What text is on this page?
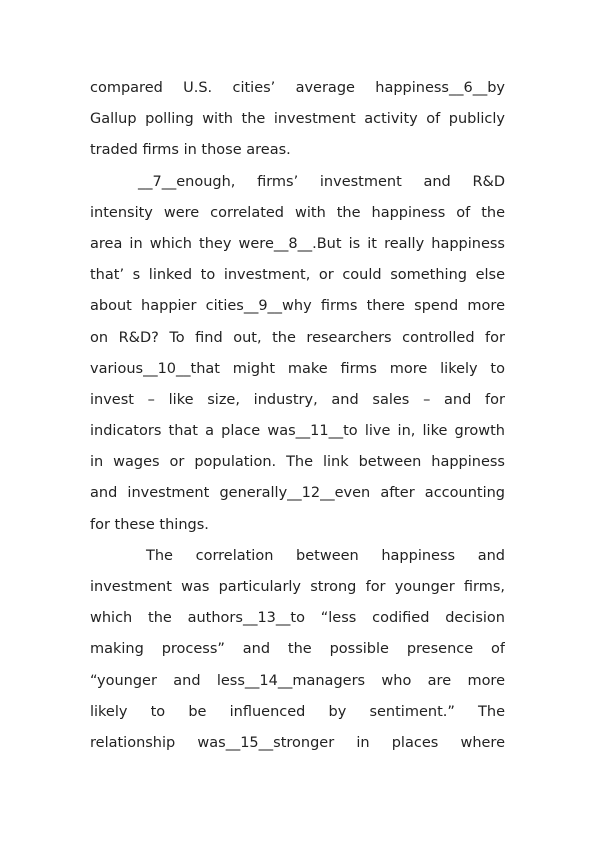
compared U.S. cities’ average happiness__6__by
Gallup polling with the investment activity of publicly
traded firms in those areas.
__7__enough, firms’ investment and R&D
intensity were correlated with the happiness of the
area in which they were__8__.But is it really happiness
that’ s linked to investment, or could something else
about happier cities__9__why firms there spend more
on R&D? To find out, the researchers controlled for
various__10__that might make firms more likely to
invest – like size, industry, and sales – and for
indicators that a place was__11__to live in, like growth
in wages or population. The link between happiness
and investment generally__12__even after accounting
for these things.
The correlation between happiness and
investment was particularly strong for younger firms,
which the authors__13__to “less codified decision
making process” and the possible presence of
“younger and less__14__managers who are more
likely to be influenced by sentiment.” The
relationship was__15__stronger in places where
